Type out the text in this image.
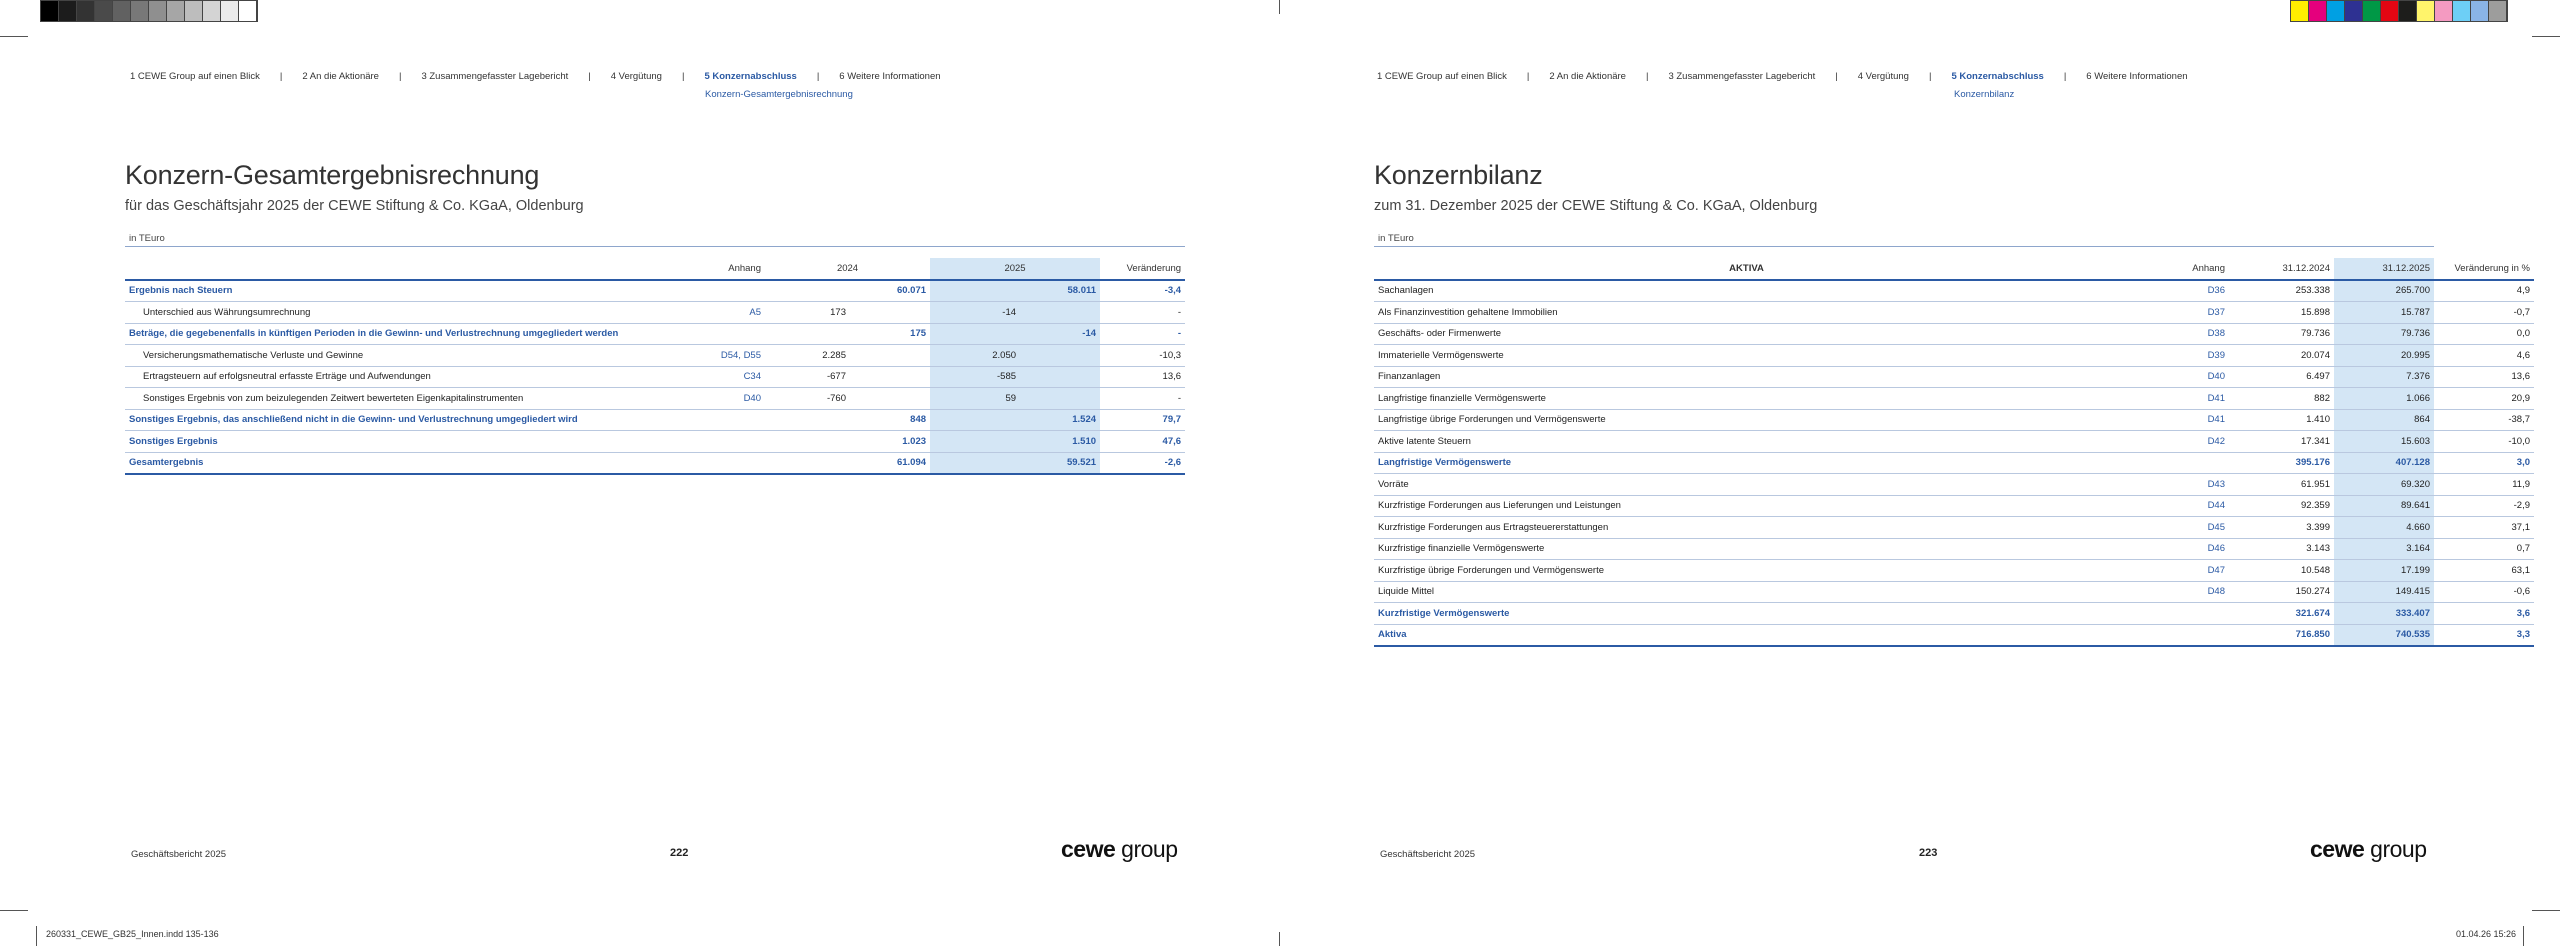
260331_CEWE_GB25_Innen.indd 135-136	01.04.26 15:26
1 CEWE Group auf einen Blick | 2 An die Aktionäre | 3 Zusammengefasster Lagebericht | 4 Vergütung | 5 Konzernabschluss | 6 Weitere Informationen
Konzern-Gesamtergebnisrechnung
Konzern-Gesamtergebnisrechnung
für das Geschäftsjahr 2025 der CEWE Stiftung & Co. KGaA, Oldenburg
in TEuro
	Anhang	2024		2025		Veränderung
Ergebnis nach Steuern			60.071		58.011	-3,4
Unterschied aus Währungsumrechnung	A5	173		-14		-
Beträge, die gegebenenfalls in künftigen Perioden in die Gewinn- und Verlustrechnung umgegliedert werden			175		-14	-
Versicherungsmathematische Verluste und Gewinne	D54, D55	2.285		2.050		-10,3
Ertragsteuern auf erfolgsneutral erfasste Erträge und Aufwendungen	C34	-677		-585		13,6
Sonstiges Ergebnis von zum beizulegenden Zeitwert bewerteten Eigenkapitalinstrumenten	D40	-760		59		-
Sonstiges Ergebnis, das anschließend nicht in die Gewinn- und Verlustrechnung umgegliedert wird			848		1.524	79,7
Sonstiges Ergebnis			1.023		1.510	47,6
Gesamtergebnis			61.094		59.521	-2,6
Geschäftsbericht 2025	222	cewe group
1 CEWE Group auf einen Blick | 2 An die Aktionäre | 3 Zusammengefasster Lagebericht | 4 Vergütung | 5 Konzernabschluss | 6 Weitere Informationen
Konzernbilanz
Konzernbilanz
zum 31. Dezember 2025 der CEWE Stiftung & Co. KGaA, Oldenburg
in TEuro
AKTIVA	Anhang	31.12.2024	31.12.2025	Veränderung in %
Sachanlagen	D36	253.338	265.700	4,9
Als Finanzinvestition gehaltene Immobilien	D37	15.898	15.787	-0,7
Geschäfts- oder Firmenwerte	D38	79.736	79.736	0,0
Immaterielle Vermögenswerte	D39	20.074	20.995	4,6
Finanzanlagen	D40	6.497	7.376	13,6
Langfristige finanzielle Vermögenswerte	D41	882	1.066	20,9
Langfristige übrige Forderungen und Vermögenswerte	D41	1.410	864	-38,7
Aktive latente Steuern	D42	17.341	15.603	-10,0
Langfristige Vermögenswerte		395.176	407.128	3,0
Vorräte	D43	61.951	69.320	11,9
Kurzfristige Forderungen aus Lieferungen und Leistungen	D44	92.359	89.641	-2,9
Kurzfristige Forderungen aus Ertragsteuererstattungen	D45	3.399	4.660	37,1
Kurzfristige finanzielle Vermögenswerte	D46	3.143	3.164	0,7
Kurzfristige übrige Forderungen und Vermögenswerte	D47	10.548	17.199	63,1
Liquide Mittel	D48	150.274	149.415	-0,6
Kurzfristige Vermögenswerte		321.674	333.407	3,6
Aktiva		716.850	740.535	3,3
Geschäftsbericht 2025	223	cewe group
